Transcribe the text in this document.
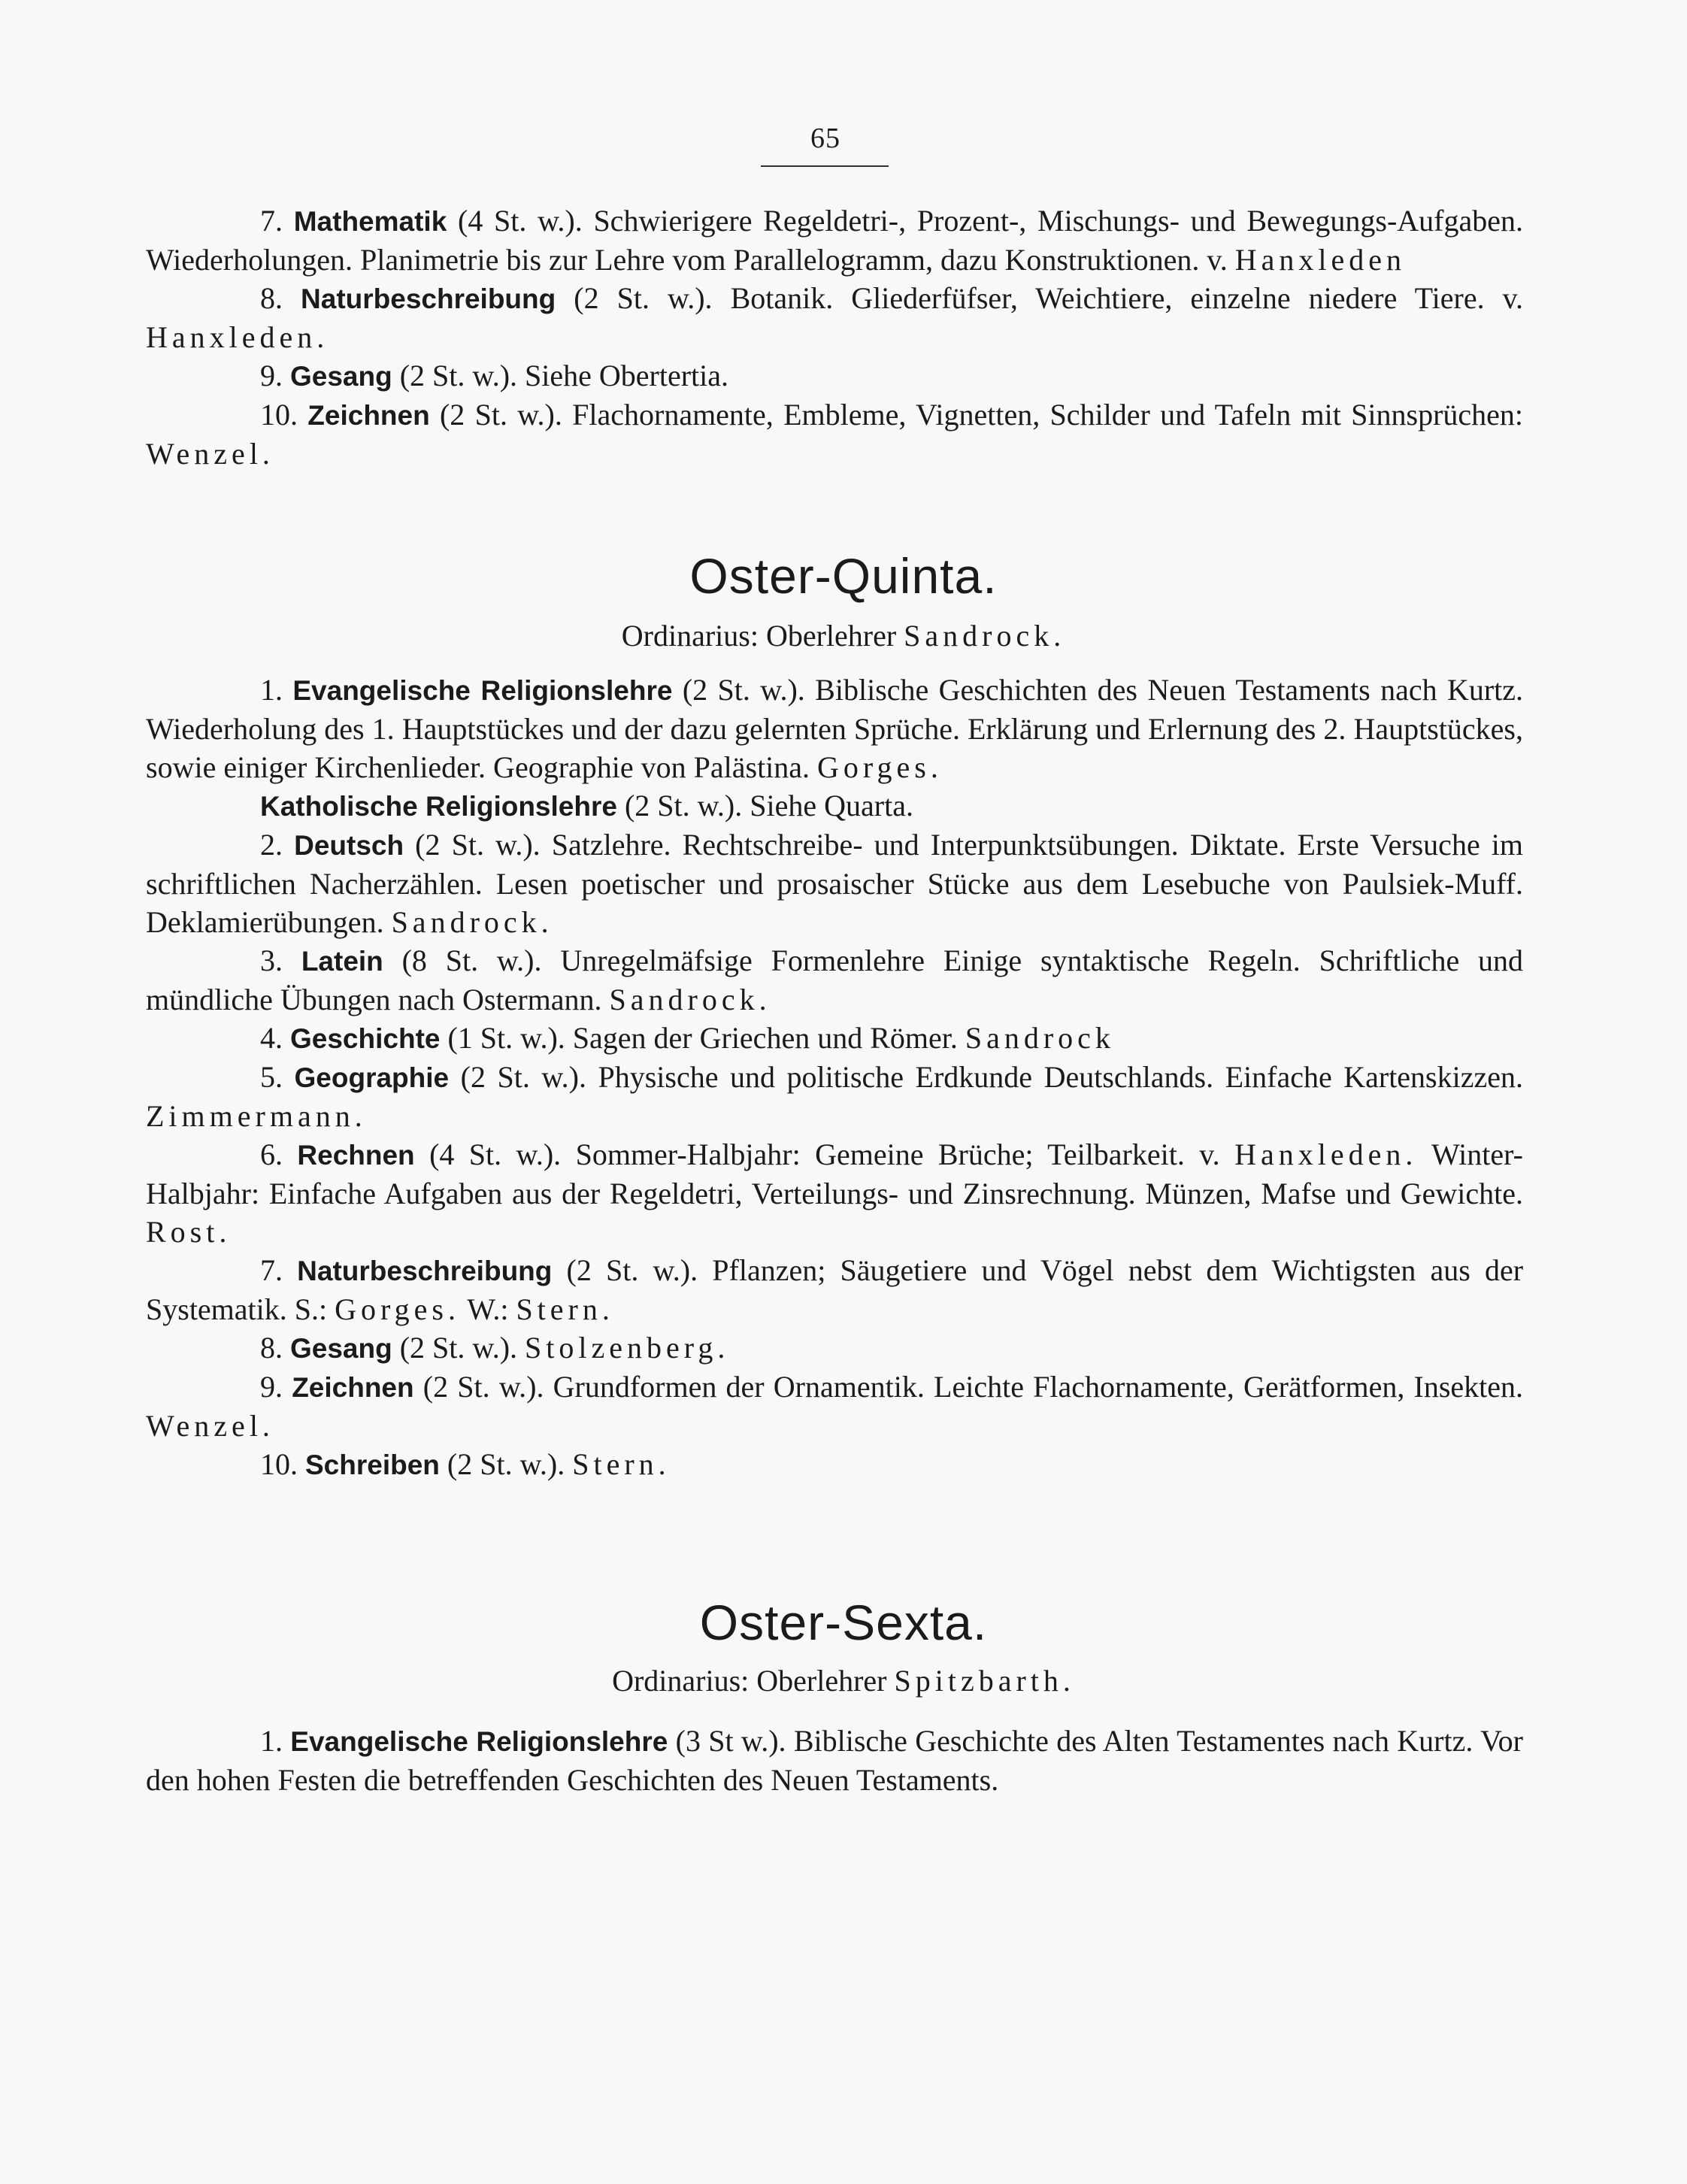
65

7. Mathematik (4 St. w.). Schwierigere Regeldetri-, Prozent-, Mischungs- und Bewegungs-Aufgaben. Wiederholungen. Planimetrie bis zur Lehre vom Parallelogramm, dazu Konstruktionen. v. Hanxleden

8. Naturbeschreibung (2 St. w.). Botanik. Gliederfüfser, Weichtiere, einzelne niedere Tiere. v. Hanxleden.

9. Gesang (2 St. w.). Siehe Obertertia.

10. Zeichnen (2 St. w.). Flachornamente, Embleme, Vignetten, Schilder und Tafeln mit Sinnsprüchen: Wenzel.

Oster-Quinta.

Ordinarius: Oberlehrer Sandrock.

1. Evangelische Religionslehre (2 St. w.). Biblische Geschichten des Neuen Testaments nach Kurtz. Wiederholung des 1. Hauptstückes und der dazu gelernten Sprüche. Erklärung und Erlernung des 2. Hauptstückes, sowie einiger Kirchenlieder. Geographie von Palästina. Gorges.

Katholische Religionslehre (2 St. w.). Siehe Quarta.

2. Deutsch (2 St. w.). Satzlehre. Rechtschreibe- und Interpunktsübungen. Diktate. Erste Versuche im schriftlichen Nacherzählen. Lesen poetischer und prosaischer Stücke aus dem Lesebuche von Paulsiek-Muff. Deklamierübungen. Sandrock.

3. Latein (8 St. w.). Unregelmäfsige Formenlehre Einige syntaktische Regeln. Schriftliche und mündliche Übungen nach Ostermann. Sandrock.

4. Geschichte (1 St. w.). Sagen der Griechen und Römer. Sandrock

5. Geographie (2 St. w.). Physische und politische Erdkunde Deutschlands. Einfache Kartenskizzen. Zimmermann.

6. Rechnen (4 St. w.). Sommer-Halbjahr: Gemeine Brüche; Teilbarkeit. v. Hanxleden. Winter-Halbjahr: Einfache Aufgaben aus der Regeldetri, Verteilungs- und Zinsrechnung. Münzen, Mafse und Gewichte. Rost.

7. Naturbeschreibung (2 St. w.). Pflanzen; Säugetiere und Vögel nebst dem Wichtigsten aus der Systematik. S.: Gorges. W.: Stern.

8. Gesang (2 St. w.). Stolzenberg.

9. Zeichnen (2 St. w.). Grundformen der Ornamentik. Leichte Flachornamente, Gerätformen, Insekten. Wenzel.

10. Schreiben (2 St. w.). Stern.

Oster-Sexta.

Ordinarius: Oberlehrer Spitzbarth.

1. Evangelische Religionslehre (3 St w.). Biblische Geschichte des Alten Testamentes nach Kurtz. Vor den hohen Festen die betreffenden Geschichten des Neuen Testaments.
